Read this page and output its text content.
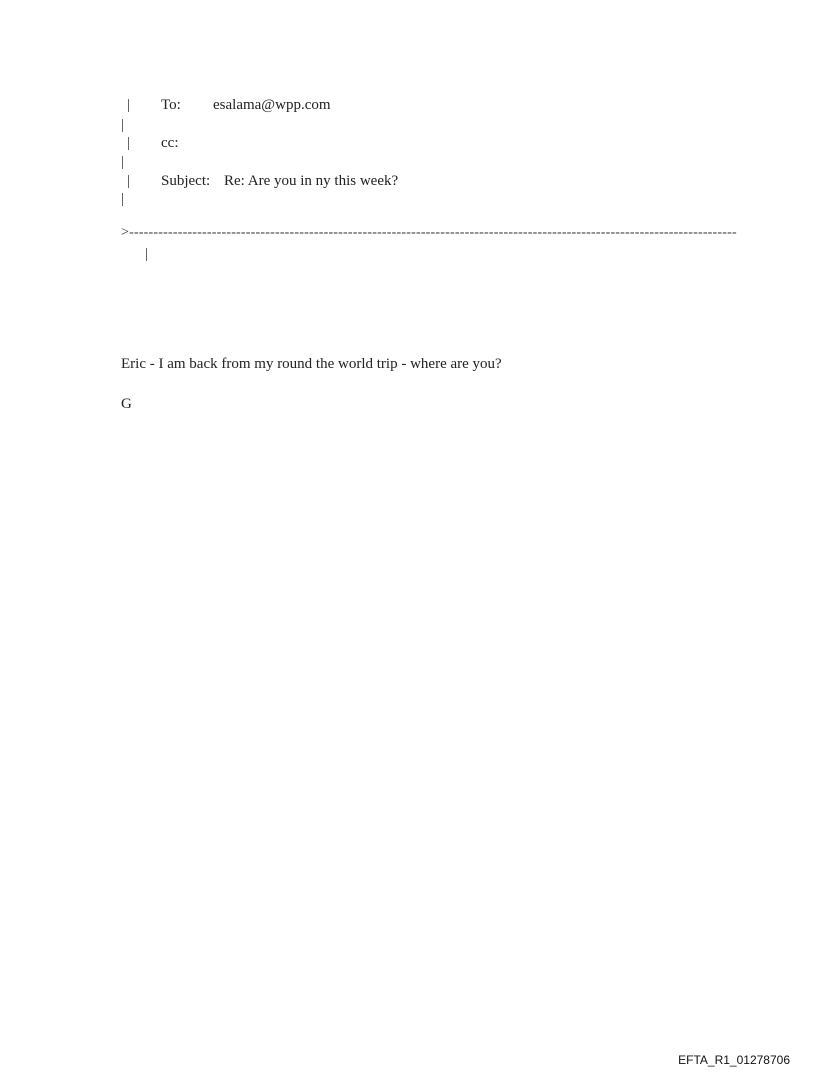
| To: esalama@wpp.com
|
| cc:
|
| Subject: Re: Are you in ny this week?
|
>-----------------------------------------------------------------------------------------------------------------------------
|
Eric - I am back from my round the world trip - where are you?
G
EFTA_R1_01278706
